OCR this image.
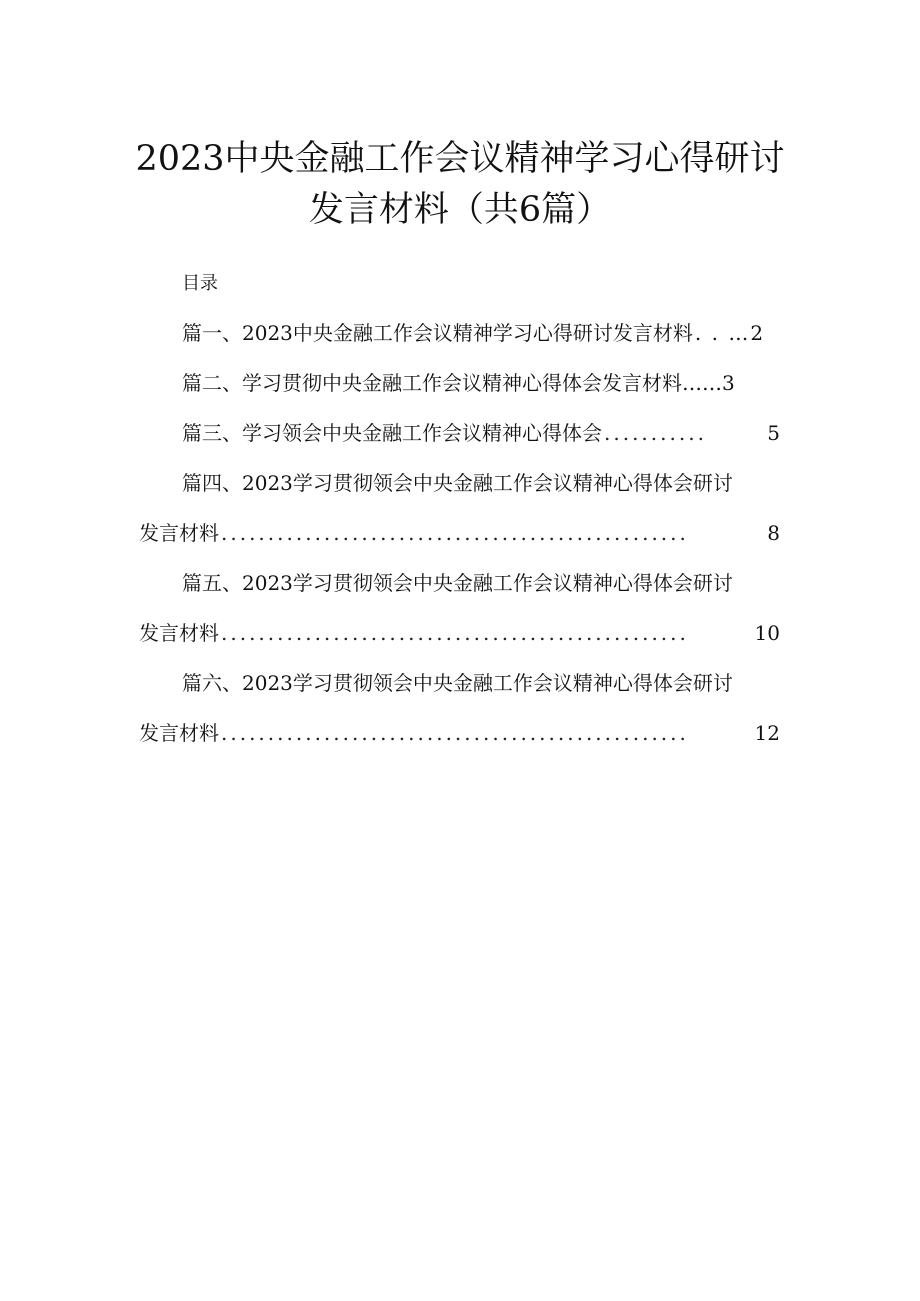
2023中央金融工作会议精神学习心得研讨
发言材料（共6篇）

目录

篇一、2023中央金融工作会议精神学习心得研讨发言材料 . . … 2
篇二、学习贯彻中央金融工作会议精神心得体会发言材料 …… 3
篇三、学习领会中央金融工作会议精神心得体会 ...........	5
篇四、2023学习贯彻领会中央金融工作会议精神心得体会研讨
发言材料 ..................................................	8
篇五、2023学习贯彻领会中央金融工作会议精神心得体会研讨
发言材料 ..................................................	10
篇六、2023学习贯彻领会中央金融工作会议精神心得体会研讨
发言材料 ..................................................	12
